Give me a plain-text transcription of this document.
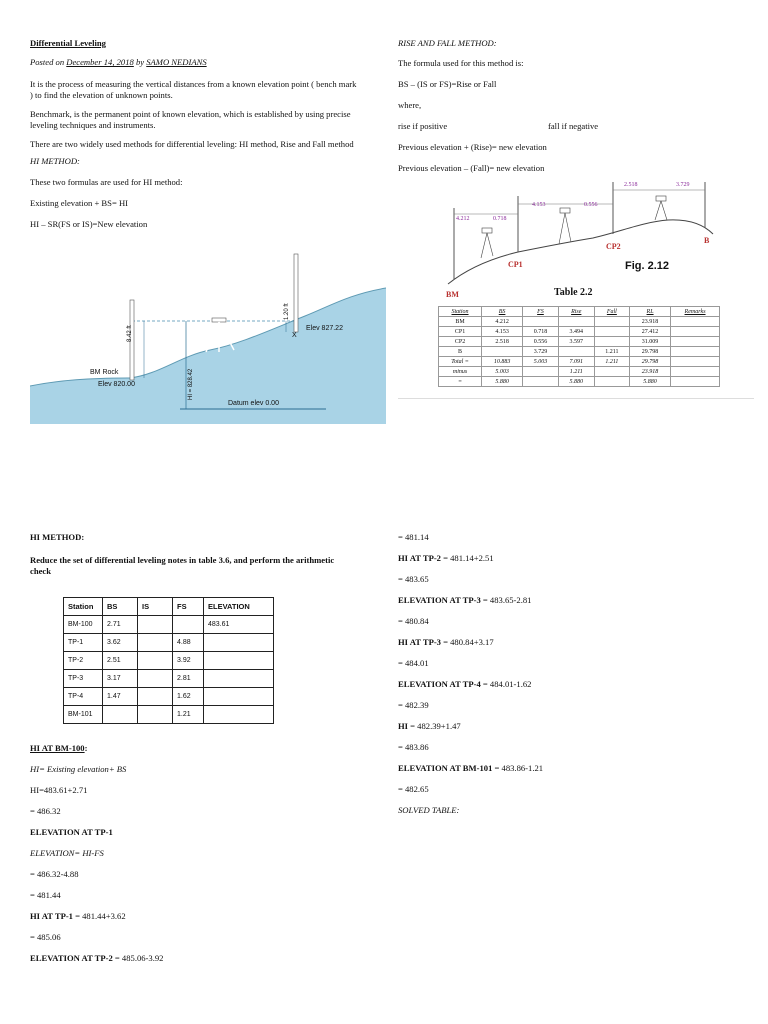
Differential Leveling

Posted on December 14, 2018 by SAMO NEDIANS

It is the process of measuring the vertical distances from a known elevation point ( bench mark ) to find the elevation of unknown points.

Benchmark, is the permanent point of known elevation, which is established by using precise leveling techniques and instruments.

There are two widely used methods for differential leveling: HI method, Rise and Fall method

HI METHOD:

These two formulas are used for HI method:

Existing elevation + BS= HI

HI – SR(FS or IS)=New elevation

BM Rock
Elev 820.00
Datum elev 0.00
Elev 827.22
X
8.42 ft
1.20 ft
HI = 828.42

RISE AND FALL METHOD:

The formula used for this method is:

BS – (IS or FS)=Rise or Fall

where,

rise if positive	fall if negative

Previous elevation + (Rise)= new elevation

Previous elevation – (Fall)= new elevation

4.212	0.718
4.153	0.556
2.518	3.729
BM
CP1
CP2
B
Fig. 2.12
Table 2.2
Station	BS	FS	Rise	Fall	RL	Remarks
BM	4.212				23.918	
CP1	4.153	0.718	3.494		27.412	
CP2	2.518	0.556	3.597		31.009	
B		3.729		1.211	29.798	
Total =	10.883	5.003	7.091	1.211	29.798	
minus	5.003		1.211		23.918	
=	5.880		5.880		5.880	

HI METHOD:

Reduce the set of differential leveling notes in table 3.6, and perform the arithmetic check

Station	BS	IS	FS	ELEVATION
BM-100	2.71			483.61
TP-1	3.62		4.88	
TP-2	2.51		3.92	
TP-3	3.17		2.81	
TP-4	1.47		1.62	
BM-101			1.21	

HI AT BM-100:

HI= Existing elevation+ BS

HI=483.61+2.71

= 486.32

ELEVATION AT TP-1

ELEVATION= HI-FS

= 486.32-4.88

= 481.44

HI AT TP-1 = 481.44+3.62

= 485.06

ELEVATION AT TP-2 = 485.06-3.92

= 481.14

HI AT TP-2 = 481.14+2.51

= 483.65

ELEVATION AT TP-3 = 483.65-2.81

= 480.84

HI AT TP-3 = 480.84+3.17

= 484.01

ELEVATION AT TP-4 = 484.01-1.62

= 482.39

HI = 482.39+1.47

= 483.86

ELEVATION AT BM-101 = 483.86-1.21

= 482.65

SOLVED TABLE:
